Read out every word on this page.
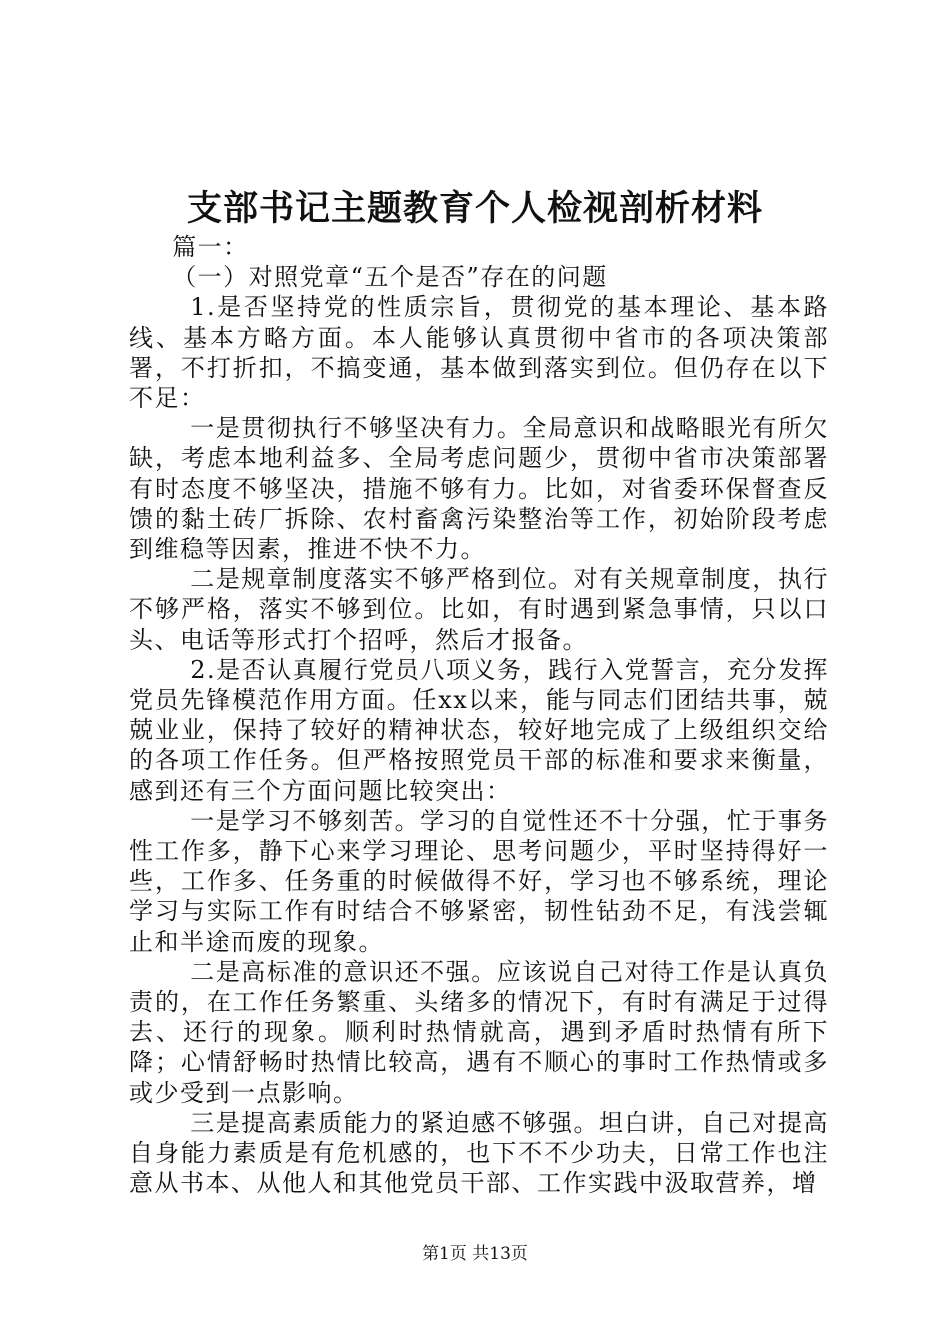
支部书记主题教育个人检视剖析材料

篇一：

（一）对照党章“五个是否”存在的问题

1.是否坚持党的性质宗旨，贯彻党的基本理论、基本路线、基本方略方面。本人能够认真贯彻中省市的各项决策部署，不打折扣，不搞变通，基本做到落实到位。但仍存在以下不足：

一是贯彻执行不够坚决有力。全局意识和战略眼光有所欠缺，考虑本地利益多、全局考虑问题少，贯彻中省市决策部署有时态度不够坚决，措施不够有力。比如，对省委环保督查反馈的黏土砖厂拆除、农村畜禽污染整治等工作，初始阶段考虑到维稳等因素，推进不快不力。

二是规章制度落实不够严格到位。对有关规章制度，执行不够严格，落实不够到位。比如，有时遇到紧急事情，只以口头、电话等形式打个招呼，然后才报备。

2.是否认真履行党员八项义务，践行入党誓言，充分发挥党员先锋模范作用方面。任xx以来，能与同志们团结共事，兢兢业业，保持了较好的精神状态，较好地完成了上级组织交给的各项工作任务。但严格按照党员干部的标准和要求来衡量，感到还有三个方面问题比较突出：

一是学习不够刻苦。学习的自觉性还不十分强，忙于事务性工作多，静下心来学习理论、思考问题少，平时坚持得好一些，工作多、任务重的时候做得不好，学习也不够系统，理论学习与实际工作有时结合不够紧密，韧性钻劲不足，有浅尝辄止和半途而废的现象。

二是高标准的意识还不强。应该说自己对待工作是认真负责的，在工作任务繁重、头绪多的情况下，有时有满足于过得去、还行的现象。顺利时热情就高，遇到矛盾时热情有所下降；心情舒畅时热情比较高，遇有不顺心的事时工作热情或多或少受到一点影响。

三是提高素质能力的紧迫感不够强。坦白讲，自己对提高自身能力素质是有危机感的，也下不不少功夫，日常工作也注意从书本、从他人和其他党员干部、工作实践中汲取营养，增

第1页 共13页
